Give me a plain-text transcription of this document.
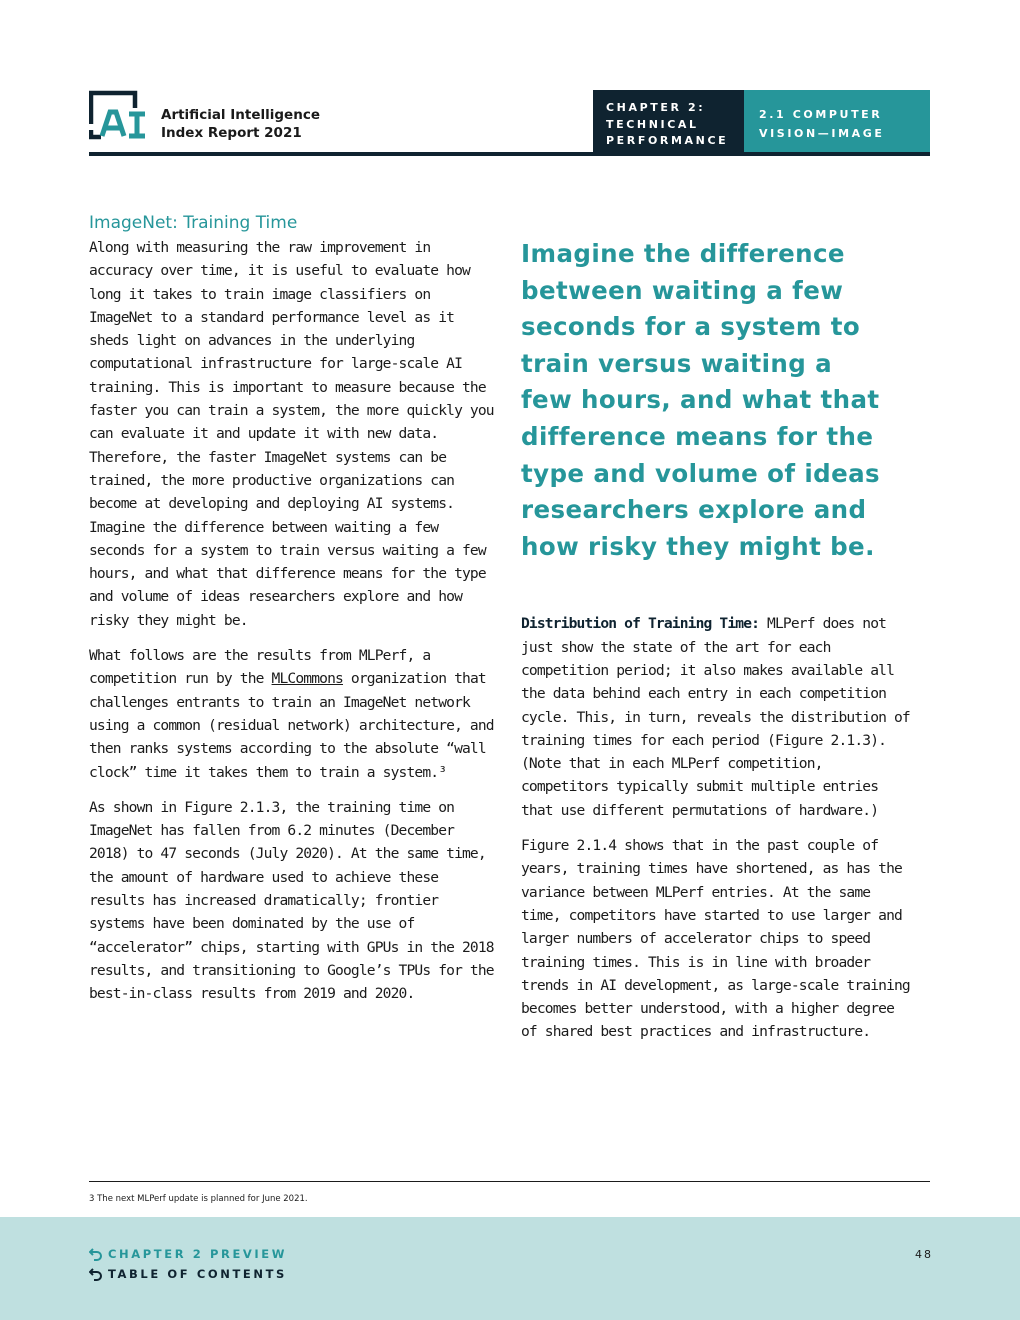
Artificial Intelligence
Index Report 2021
CHAPTER 2:
TECHNICAL
PERFORMANCE
2.1 COMPUTER
VISION—IMAGE
ImageNet: Training Time

Along with measuring the raw improvement in accuracy over time, it is useful to evaluate how long it takes to train image classifiers on ImageNet to a standard performance level as it sheds light on advances in the underlying computational infrastructure for large-scale AI training. This is important to measure because the faster you can train a system, the more quickly you can evaluate it and update it with new data. Therefore, the faster ImageNet systems can be trained, the more productive organizations can become at developing and deploying AI systems. Imagine the difference between waiting a few seconds for a system to train versus waiting a few hours, and what that difference means for the type and volume of ideas researchers explore and how risky they might be.

What follows are the results from MLPerf, a competition run by the MLCommons organization that challenges entrants to train an ImageNet network using a common (residual network) architecture, and then ranks systems according to the absolute “wall clock” time it takes them to train a system.³

As shown in Figure 2.1.3, the training time on ImageNet has fallen from 6.2 minutes (December 2018) to 47 seconds (July 2020). At the same time, the amount of hardware used to achieve these results has increased dramatically; frontier systems have been dominated by the use of “accelerator” chips, starting with GPUs in the 2018 results, and transitioning to Google’s TPUs for the best-in-class results from 2019 and 2020.

Imagine the difference
between waiting a few
seconds for a system to
train versus waiting a
few hours, and what that
difference means for the
type and volume of ideas
researchers explore and
how risky they might be.

Distribution of Training Time: MLPerf does not just show the state of the art for each competition period; it also makes available all the data behind each entry in each competition cycle. This, in turn, reveals the distribution of training times for each period (Figure 2.1.3). (Note that in each MLPerf competition, competitors typically submit multiple entries that use different permutations of hardware.)

Figure 2.1.4 shows that in the past couple of years, training times have shortened, as has the variance between MLPerf entries. At the same time, competitors have started to use larger and larger numbers of accelerator chips to speed training times. This is in line with broader trends in AI development, as large-scale training becomes better understood, with a higher degree of shared best practices and infrastructure.

3 The next MLPerf update is planned for June 2021.
CHAPTER 2 PREVIEW
TABLE OF CONTENTS
48
